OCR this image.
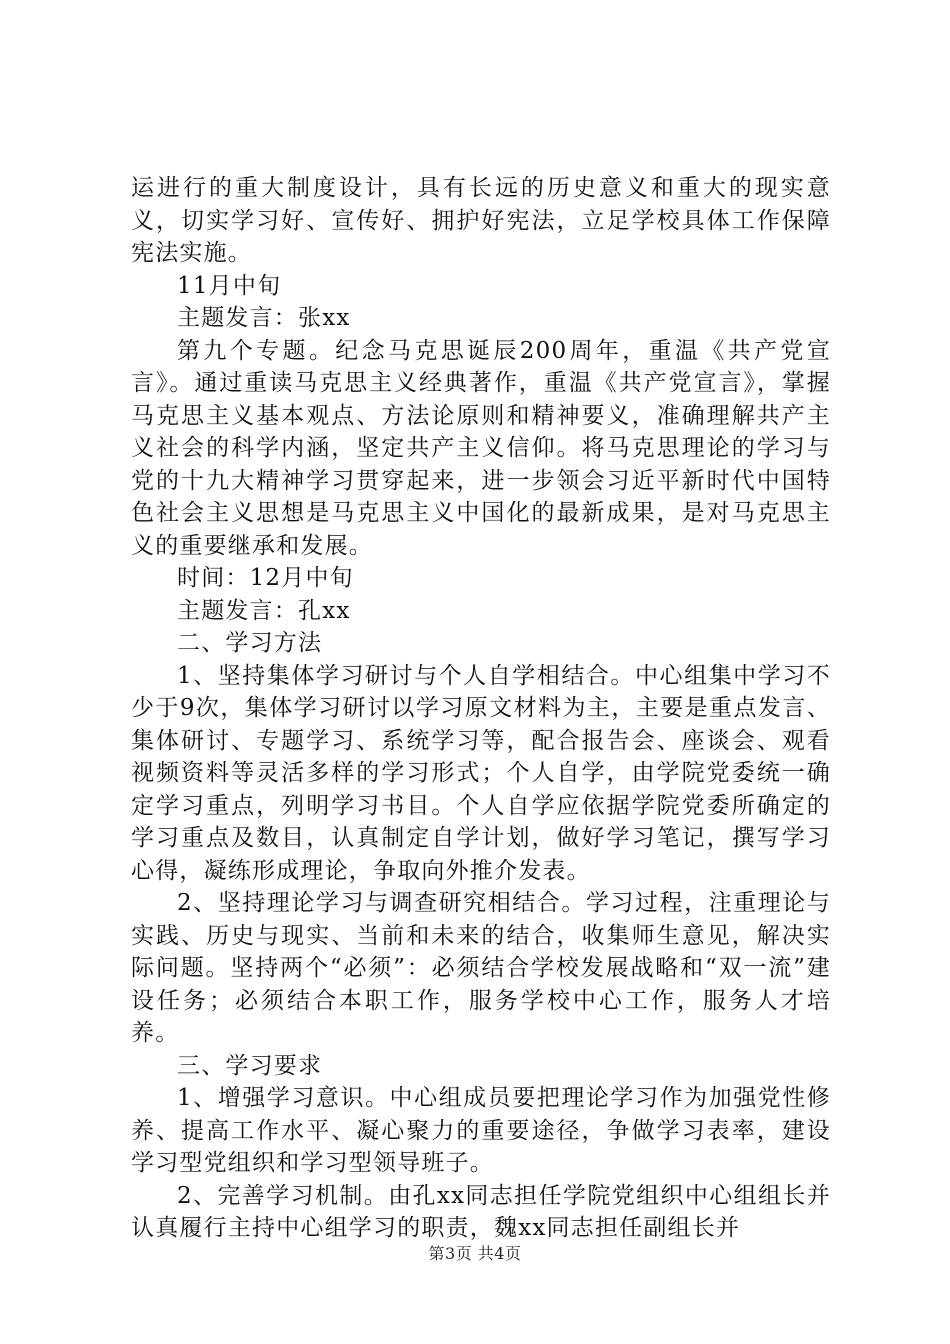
运进行的重大制度设计，具有长远的历史意义和重大的现实意义，切实学习好、宣传好、拥护好宪法，立足学校具体工作保障宪法实施。

11月中旬

主题发言：张xx

第九个专题。纪念马克思诞辰200周年，重温《共产党宣言》。通过重读马克思主义经典著作，重温《共产党宣言》，掌握马克思主义基本观点、方法论原则和精神要义，准确理解共产主义社会的科学内涵，坚定共产主义信仰。将马克思理论的学习与党的十九大精神学习贯穿起来，进一步领会习近平新时代中国特色社会主义思想是马克思主义中国化的最新成果，是对马克思主义的重要继承和发展。

时间：12月中旬

主题发言：孔xx

二、学习方法

1、坚持集体学习研讨与个人自学相结合。中心组集中学习不少于9次，集体学习研讨以学习原文材料为主，主要是重点发言、集体研讨、专题学习、系统学习等，配合报告会、座谈会、观看视频资料等灵活多样的学习形式；个人自学，由学院党委统一确定学习重点，列明学习书目。个人自学应依据学院党委所确定的学习重点及数目，认真制定自学计划，做好学习笔记，撰写学习心得，凝练形成理论，争取向外推介发表。

2、坚持理论学习与调查研究相结合。学习过程，注重理论与实践、历史与现实、当前和未来的结合，收集师生意见，解决实际问题。坚持两个“必须”：必须结合学校发展战略和“双一流”建设任务；必须结合本职工作，服务学校中心工作，服务人才培养。

三、学习要求

1、增强学习意识。中心组成员要把理论学习作为加强党性修养、提高工作水平、凝心聚力的重要途径，争做学习表率，建设学习型党组织和学习型领导班子。

2、完善学习机制。由孔xx同志担任学院党组织中心组组长并认真履行主持中心组学习的职责，魏xx同志担任副组长并

第3页 共4页
